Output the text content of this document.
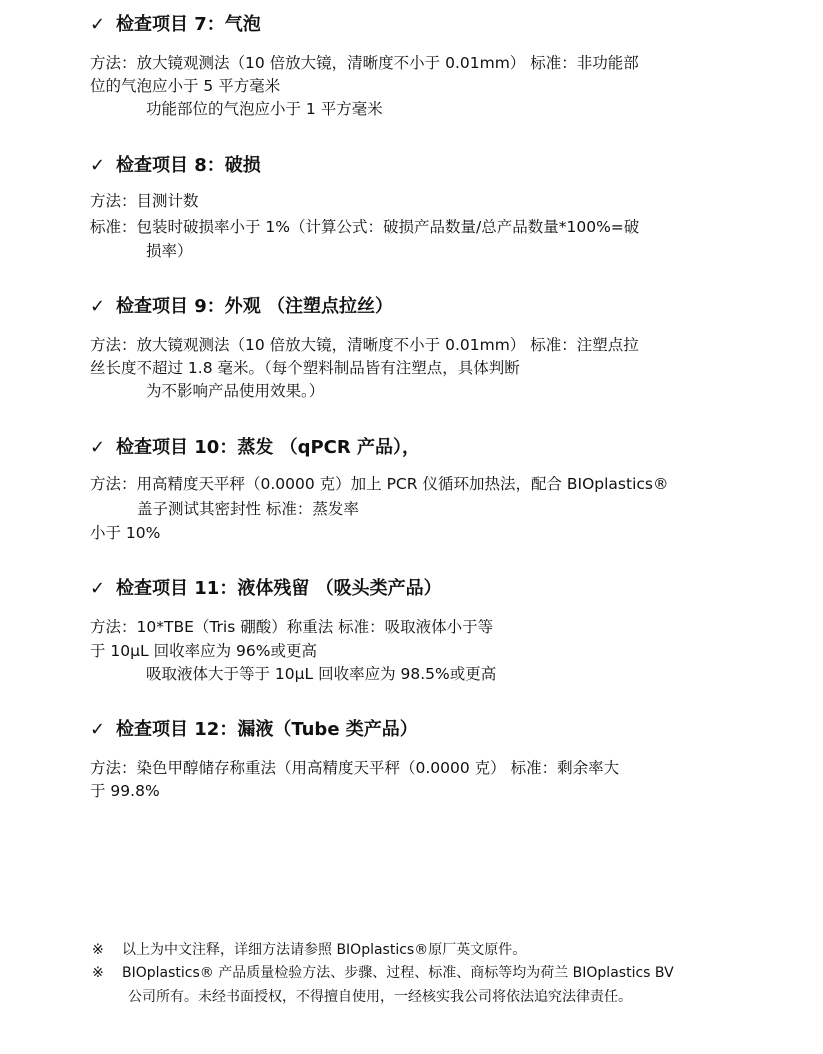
✓ 检查项目 7：气泡
方法：放大镜观测法（10 倍放大镜，清晰度不小于 0.01mm） 标准：非功能部
位的气泡应小于 5 平方毫米
功能部位的气泡应小于 1 平方毫米
✓ 检查项目 8：破损
方法：目测计数
标准：包装时破损率小于 1%（计算公式：破损产品数量/总产品数量*100%=破
损率）
✓ 检查项目 9：外观 （注塑点拉丝）
方法：放大镜观测法（10 倍放大镜，清晰度不小于 0.01mm） 标准：注塑点拉
丝长度不超过 1.8 毫米。（每个塑料制品皆有注塑点，具体判断
为不影响产品使用效果。）
✓ 检查项目 10：蒸发 （qPCR 产品），
方法：用高精度天平秤（0.0000 克）加上 PCR 仪循环加热法，配合 BIOplastics®
盖子测试其密封性 标准：蒸发率
小于 10%
✓ 检查项目 11：液体残留 （吸头类产品）
方法：10*TBE（Tris 硼酸）称重法 标准：吸取液体小于等
于 10µL 回收率应为 96%或更高
吸取液体大于等于 10µL 回收率应为 98.5%或更高
✓ 检查项目 12：漏液（Tube 类产品）
方法：染色甲醇储存称重法（用高精度天平秤（0.0000 克） 标准：剩余率大
于 99.8%
※ 以上为中文注释，详细方法请参照 BIOplastics®原厂英文原件。
※ BIOplastics® 产品质量检验方法、步骤、过程、标准、商标等均为荷兰 BIOplastics BV
公司所有。未经书面授权，不得擅自使用，一经核实我公司将依法追究法律责任。
